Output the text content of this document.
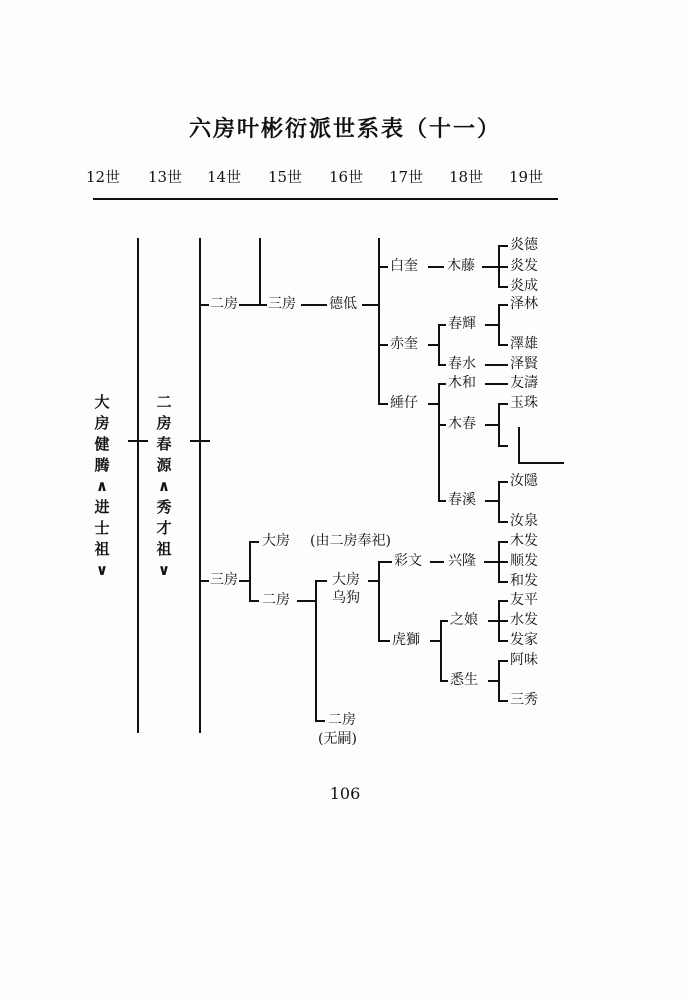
六房叶彬衍派世系表（十一）
12世 13世 14世 15世 16世 17世 18世 19世
大房健腾∧进士祖∨
二房春源∧秀才祖∨
二房 三房 德低
白奎
赤奎
綞仔
木藤
春輝
春水
木和
木春
春溪
炎德
炎发
炎成
泽林
澤雄
泽賢
友濤
玉珠
汝隱
汝泉
三房
大房 (由二房奉祀)
二房
大房
乌狗
二房
(无嗣)
彩文
虎獅
兴隆
之娘
悉生
木发
顺发
和发
友平
水发
发家
阿味
三秀
106
